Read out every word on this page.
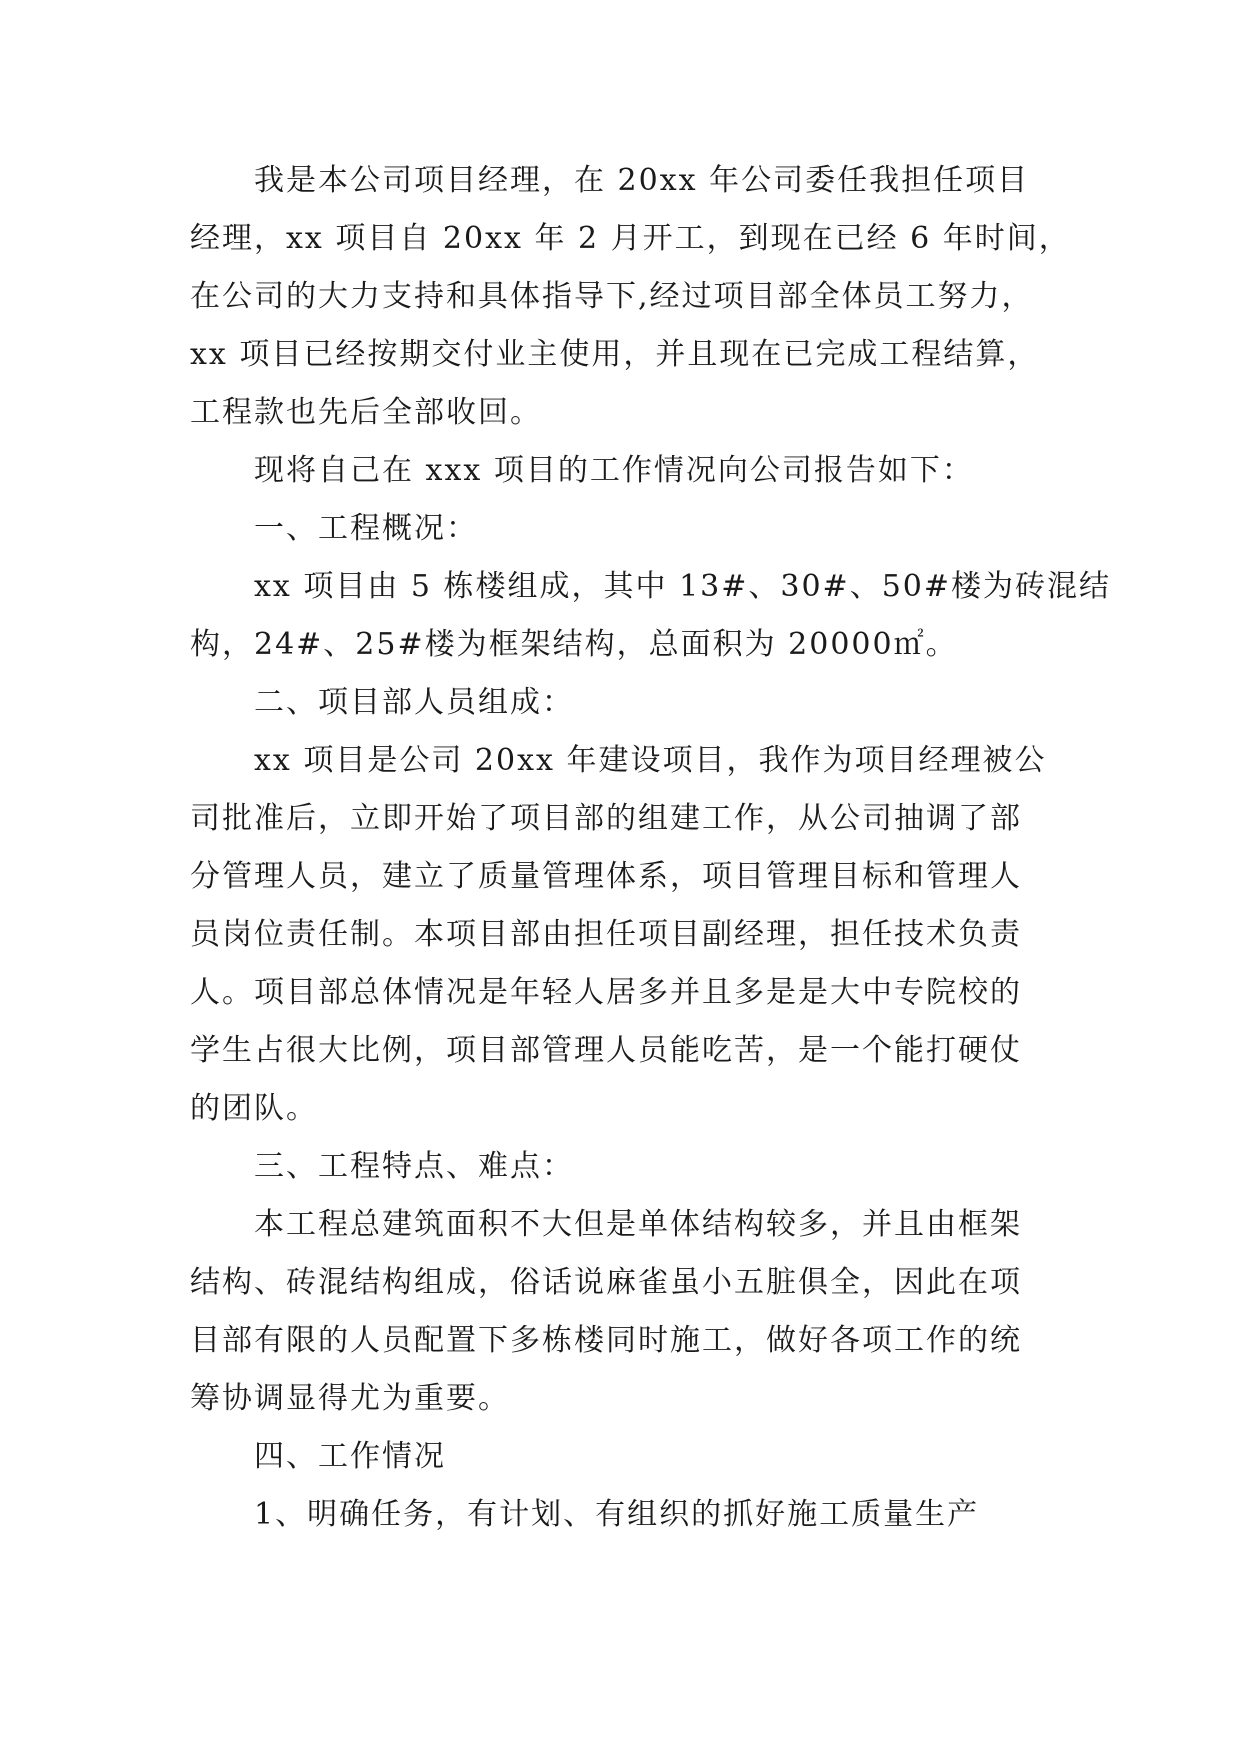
我是本公司项目经理，在 20xx 年公司委任我担任项目
经理，xx 项目自 20xx 年 2 月开工，到现在已经 6 年时间，
在公司的大力支持和具体指导下,经过项目部全体员工努力，
xx 项目已经按期交付业主使用，并且现在已完成工程结算，
工程款也先后全部收回。
现将自己在 xxx 项目的工作情况向公司报告如下：
一、工程概况：
xx 项目由 5 栋楼组成，其中 13#、30#、50#楼为砖混结
构，24#、25#楼为框架结构，总面积为 20000㎡。
二、项目部人员组成：
xx 项目是公司 20xx 年建设项目，我作为项目经理被公
司批准后，立即开始了项目部的组建工作，从公司抽调了部
分管理人员，建立了质量管理体系，项目管理目标和管理人
员岗位责任制。本项目部由担任项目副经理，担任技术负责
人。项目部总体情况是年轻人居多并且多是是大中专院校的
学生占很大比例，项目部管理人员能吃苦，是一个能打硬仗
的团队。
三、工程特点、难点：
本工程总建筑面积不大但是单体结构较多，并且由框架
结构、砖混结构组成，俗话说麻雀虽小五脏俱全，因此在项
目部有限的人员配置下多栋楼同时施工，做好各项工作的统
筹协调显得尤为重要。
四、工作情况
1、明确任务，有计划、有组织的抓好施工质量生产
